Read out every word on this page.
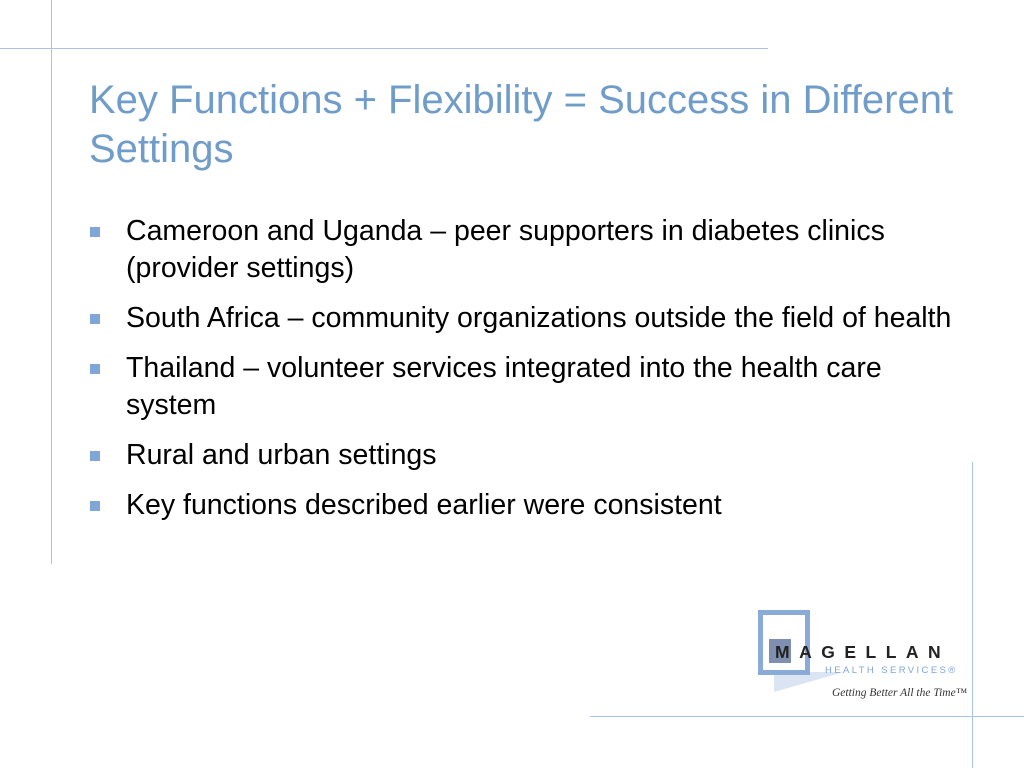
Key Functions + Flexibility = Success in Different Settings
Cameroon and Uganda – peer supporters in diabetes clinics (provider settings)
South Africa – community organizations outside the field of health
Thailand – volunteer services integrated into the health care system
Rural and urban settings
Key functions described earlier were consistent
MAGELLAN
HEALTH SERVICES®
Getting Better All the Time™
